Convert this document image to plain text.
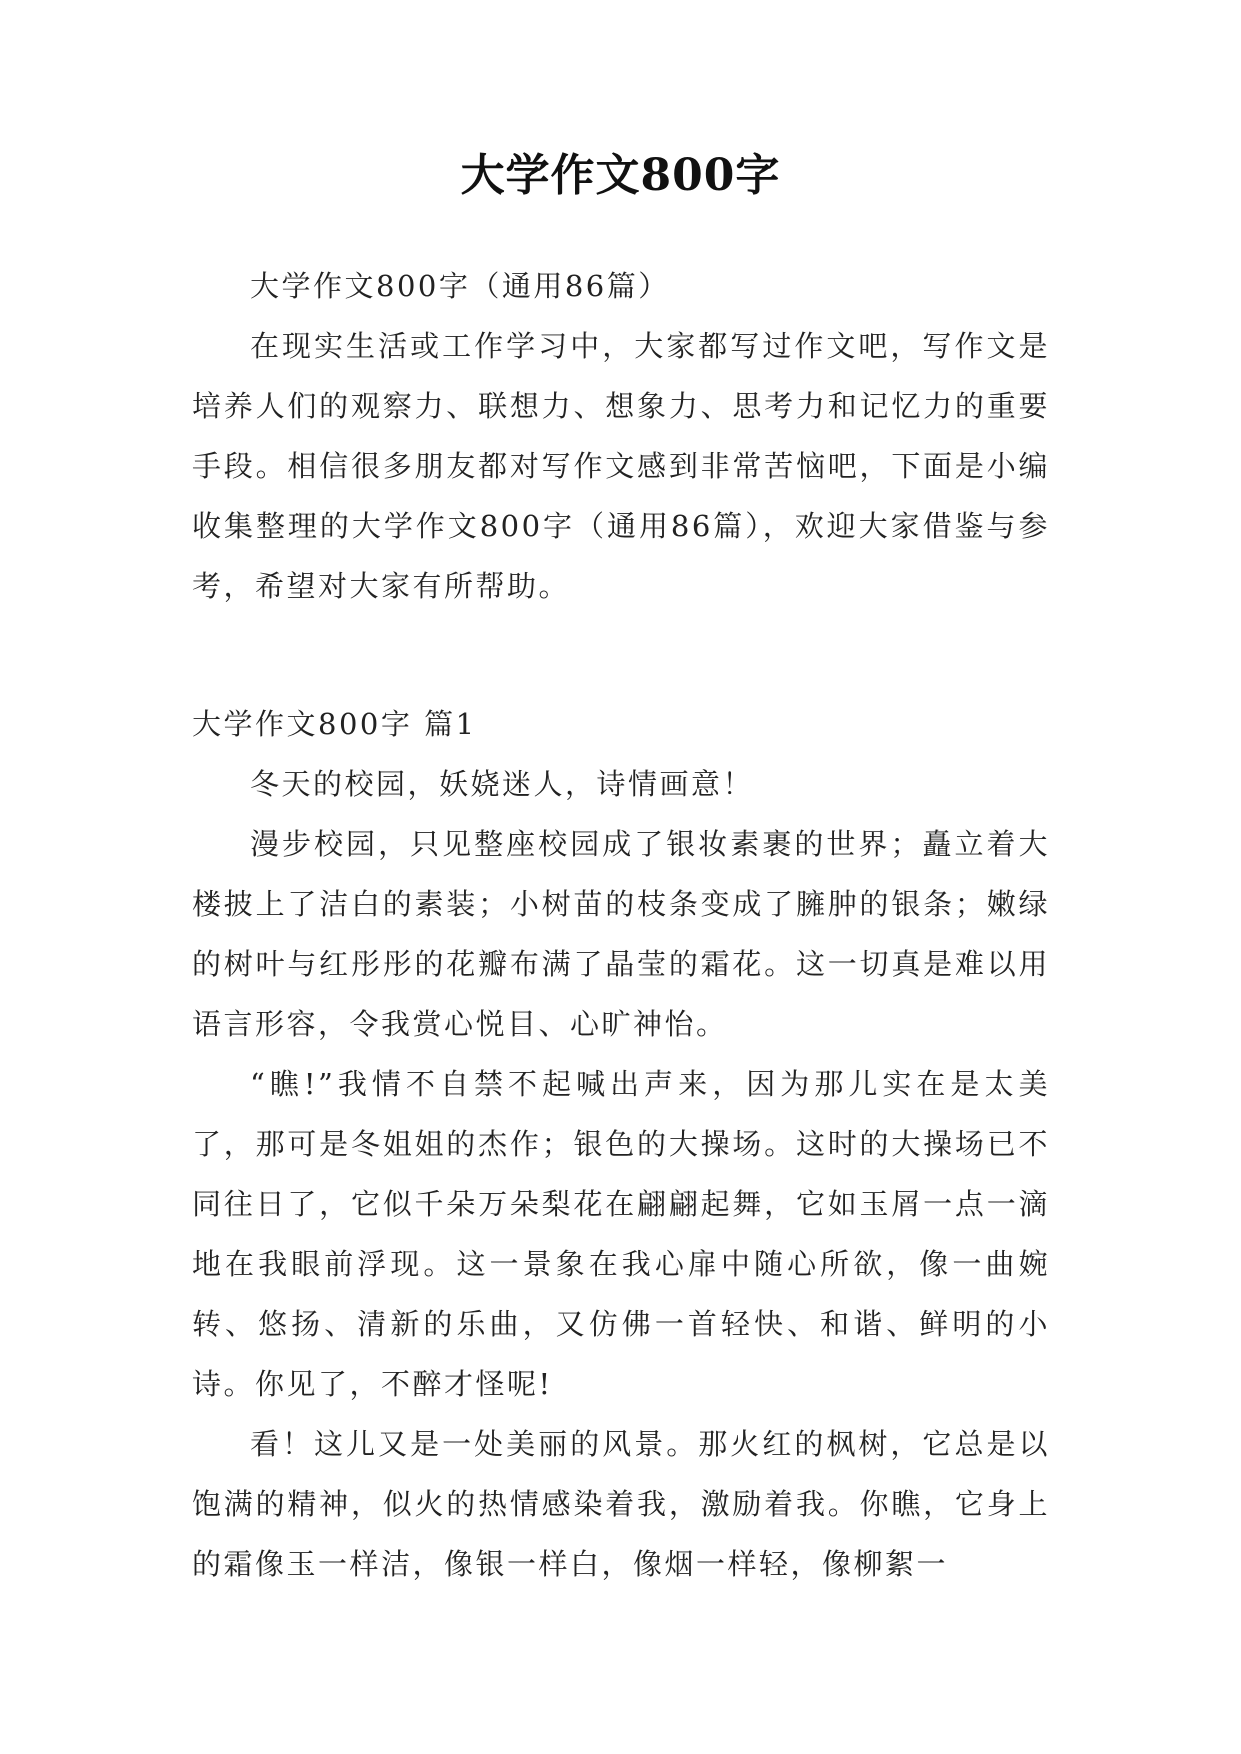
大学作文800字

大学作文800字（通用86篇）

在现实生活或工作学习中，大家都写过作文吧，写作文是培养人们的观察力、联想力、想象力、思考力和记忆力的重要手段。相信很多朋友都对写作文感到非常苦恼吧，下面是小编收集整理的大学作文800字（通用86篇），欢迎大家借鉴与参考，希望对大家有所帮助。

大学作文800字 篇1

冬天的校园，妖娆迷人，诗情画意！

漫步校园，只见整座校园成了银妆素裹的世界；矗立着大楼披上了洁白的素装；小树苗的枝条变成了臃肿的银条；嫩绿的树叶与红彤彤的花瓣布满了晶莹的霜花。这一切真是难以用语言形容，令我赏心悦目、心旷神怡。

“瞧!”我情不自禁不起喊出声来，因为那儿实在是太美了，那可是冬姐姐的杰作；银色的大操场。这时的大操场已不同往日了，它似千朵万朵梨花在翩翩起舞，它如玉屑一点一滴地在我眼前浮现。这一景象在我心扉中随心所欲，像一曲婉转、悠扬、清新的乐曲，又仿佛一首轻快、和谐、鲜明的小诗。你见了，不醉才怪呢!

看！这儿又是一处美丽的风景。那火红的枫树，它总是以饱满的精神，似火的热情感染着我，激励着我。你瞧，它身上的霜像玉一样洁，像银一样白，像烟一样轻，像柳絮一
